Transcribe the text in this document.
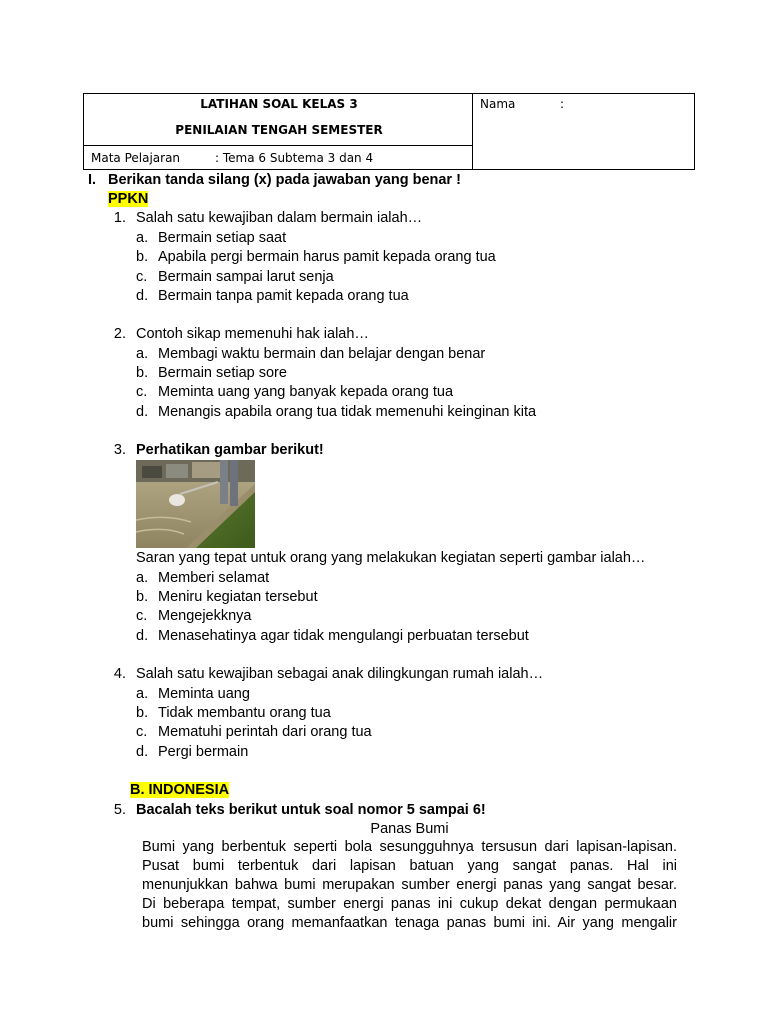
LATIHAN SOAL KELAS 3
PENILAIAN TENGAH SEMESTER
Nama	:
Mata Pelajaran	: Tema 6 Subtema 3 dan 4
I. Berikan tanda silang (x) pada jawaban yang benar !
PPKN
1. Salah satu kewajiban dalam bermain ialah…
a. Bermain setiap saat
b. Apabila pergi bermain harus pamit kepada orang tua
c. Bermain sampai larut senja
d. Bermain tanpa pamit kepada orang tua
2. Contoh sikap memenuhi hak ialah…
a. Membagi waktu bermain dan belajar dengan benar
b. Bermain setiap sore
c. Meminta uang yang banyak kepada orang tua
d. Menangis apabila orang tua tidak memenuhi keinginan kita
3. Perhatikan gambar berikut!
Saran yang tepat untuk orang yang melakukan kegiatan seperti gambar ialah…
a. Memberi selamat
b. Meniru kegiatan tersebut
c. Mengejekknya
d. Menasehatinya agar tidak mengulangi perbuatan tersebut
4. Salah satu kewajiban sebagai anak dilingkungan rumah ialah…
a. Meminta uang
b. Tidak membantu orang tua
c. Mematuhi perintah dari orang tua
d. Pergi bermain
B. INDONESIA
5. Bacalah teks berikut untuk soal nomor 5 sampai 6!
Panas Bumi
Bumi yang berbentuk seperti bola sesungguhnya tersusun dari lapisan-lapisan.
Pusat bumi terbentuk dari lapisan batuan yang sangat panas. Hal ini
menunjukkan bahwa bumi merupakan sumber energi panas yang sangat besar.
Di beberapa tempat, sumber energi panas ini cukup dekat dengan permukaan
bumi sehingga orang memanfaatkan tenaga panas bumi ini. Air yang mengalir
